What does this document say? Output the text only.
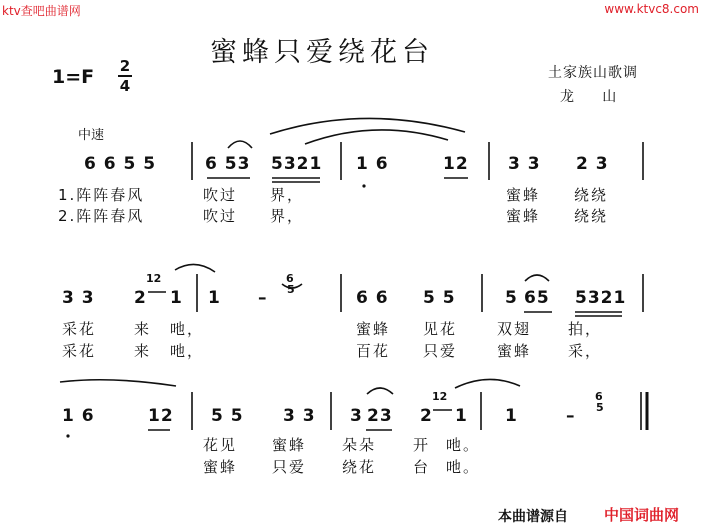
ktv查吧曲谱网	www.ktvc8.com
蜜蜂只爱绕花台
1=F 2
4
土家族山歌调
龙     山
中速
6 6 5 5	6 53 5321 1 6	12 3 3 2 3
1.阵阵春风	吹过 界，	蜜蜂 绕绕
2.阵阵春风	吹过 界，	蜜蜂 绕绕
3 3 2
12
1 1 –
6
5	6 6 5 5	5 65 5321
采花	来 吔，	蜜蜂 见花	双翅 拍，
采花	来 吔，	百花 只爱	蜜蜂 采，
1 6	12 5 5 3 3 3 23 2
12
1 1	–
6
5
花见 蜜蜂 朵朵 开 吔。
蜜蜂 只爱 绕花 台 吔。
本曲谱源自 中国词曲网
